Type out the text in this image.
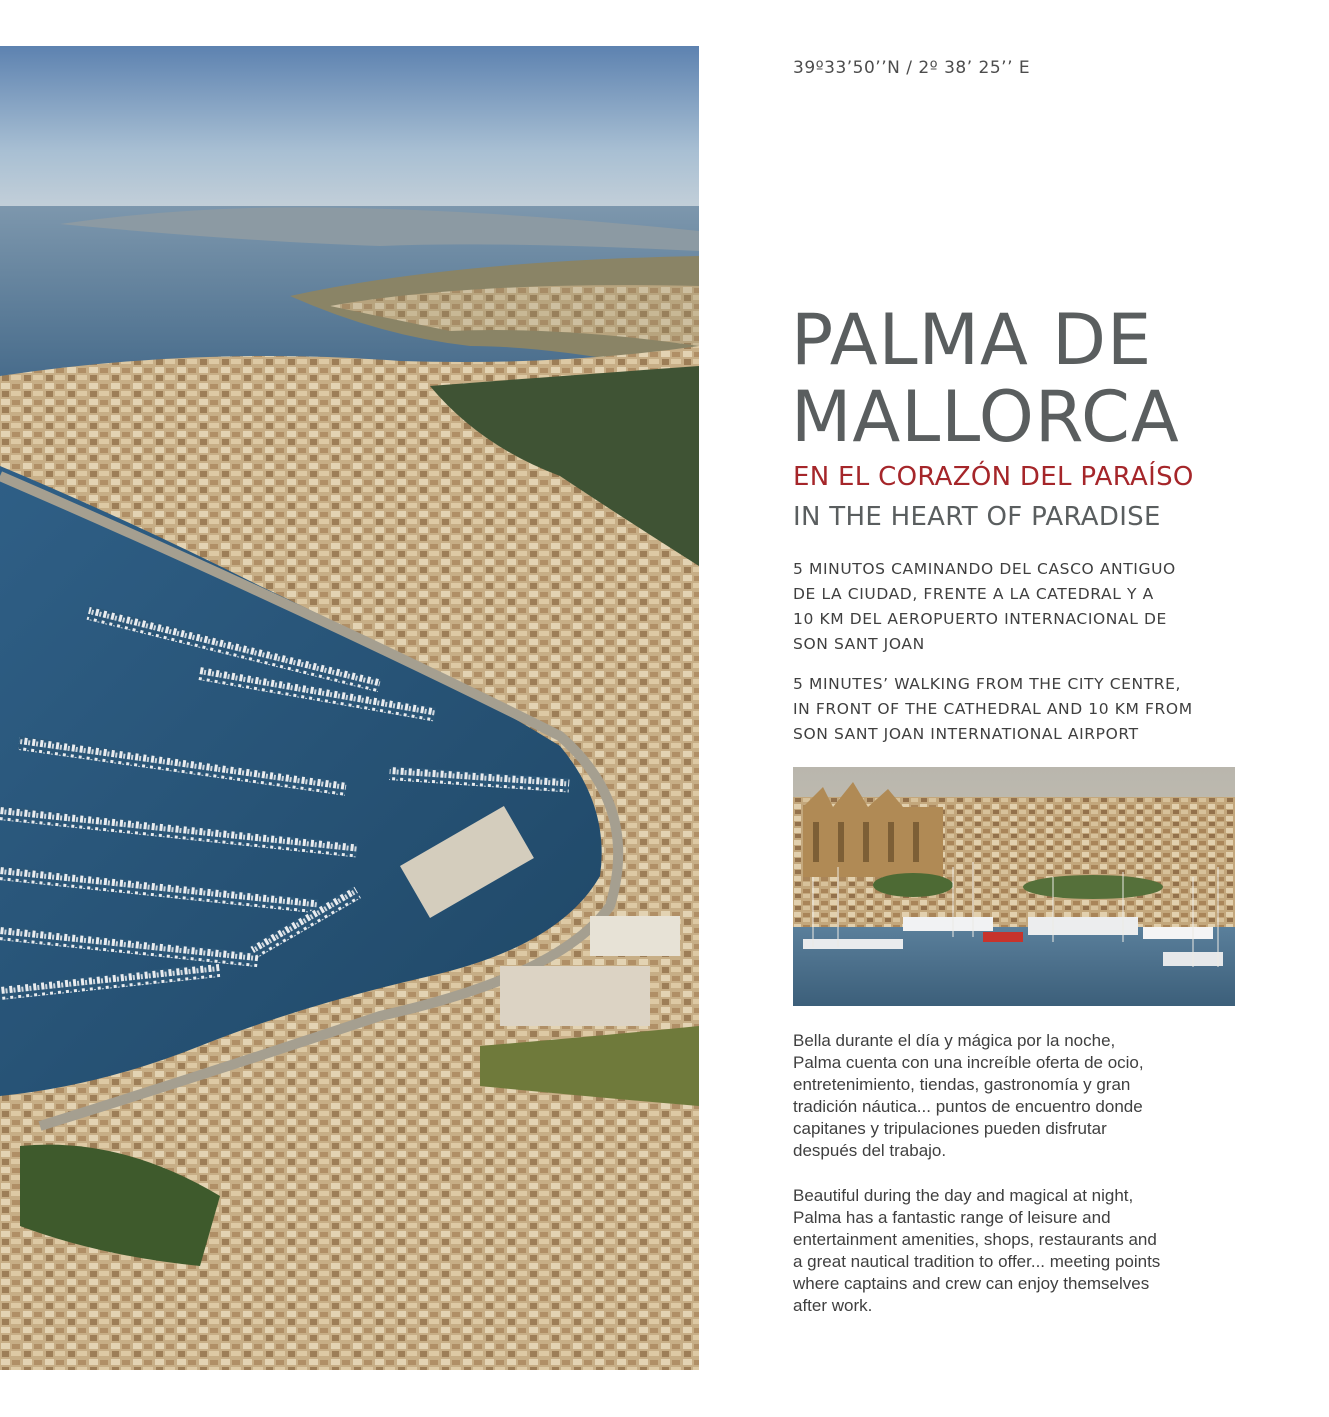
39º33’50’’N / 2º 38’ 25’’ E
PALMA DE
MALLORCA
EN EL CORAZÓN DEL PARAÍSO
IN THE HEART OF PARADISE
5 MINUTOS CAMINANDO DEL CASCO ANTIGUO
DE LA CIUDAD, FRENTE A LA CATEDRAL Y A
10 KM DEL AEROPUERTO INTERNACIONAL DE
SON SANT JOAN
5 MINUTES’ WALKING FROM THE CITY CENTRE,
IN FRONT OF THE CATHEDRAL AND 10 KM FROM
SON SANT JOAN INTERNATIONAL AIRPORT
Bella durante el día y mágica por la noche,
Palma cuenta con una increíble oferta de ocio,
entretenimiento, tiendas, gastronomía y gran
tradición náutica... puntos de encuentro donde
capitanes y tripulaciones pueden disfrutar
después del trabajo.
Beautiful during the day and magical at night,
Palma has a fantastic range of leisure and
entertainment amenities, shops, restaurants and
a great nautical tradition to offer... meeting points
where captains and crew can enjoy themselves
after work.
